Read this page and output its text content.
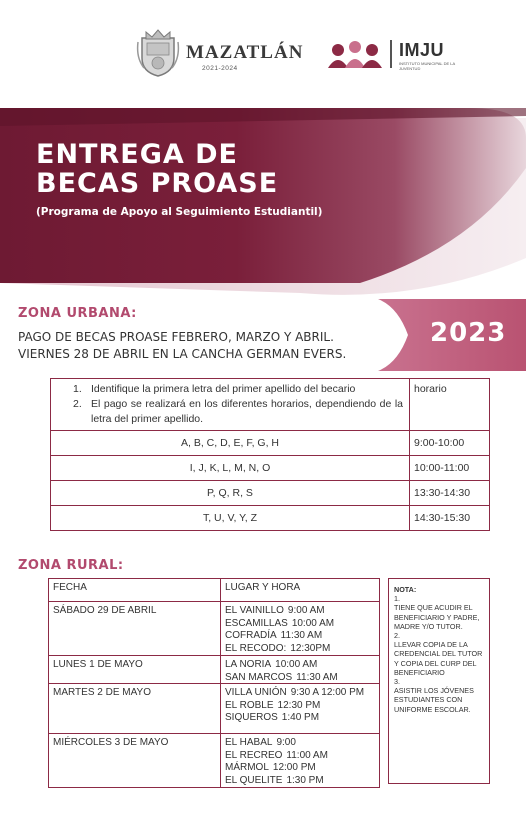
MAZATLÁN
2021-2024
IMJU
INSTITUTO MUNICIPAL DE LA JUVENTUD
ENTREGA DE
BECAS PROASE
(Programa de Apoyo al Seguimiento Estudiantil)
ZONA URBANA:
PAGO DE BECAS PROASE FEBRERO, MARZO Y ABRIL.
VIERNES 28 DE ABRIL EN LA CANCHA GERMAN EVERS.
2023
1. Identifique la primera letra del primer apellido del becario
2. El pago se realizará en los diferentes horarios, dependiendo de la letra del primer apellido.
horario
A, B, C, D, E, F, G, H	9:00-10:00
I, J, K, L, M, N, O	10:00-11:00
P, Q, R, S	13:30-14:30
T, U, V, Y, Z	14:30-15:30
ZONA RURAL:
FECHA	LUGAR Y HORA
SÁBADO 29 DE ABRIL	EL VAINILLO 9:00 AM
ESCAMILLAS 10:00 AM
COFRADÍA 11:30 AM
EL RECODO: 12:30PM
LUNES 1 DE MAYO	LA NORIA 10:00 AM
SAN MARCOS 11:30 AM
MARTES 2 DE MAYO	VILLA UNIÓN 9:30 A 12:00 PM
EL ROBLE 12:30 PM
SIQUEROS 1:40 PM
MIÉRCOLES 3 DE MAYO	EL HABAL 9:00
EL RECREO 11:00 AM
MÁRMOL 12:00 PM
EL QUELITE 1:30 PM
NOTA:
1.
TIENE QUE ACUDIR EL BENEFICIARIO Y PADRE, MADRE Y/O TUTOR.
2.
LLEVAR COPIA DE LA CREDENCIAL DEL TUTOR Y COPIA DEL CURP DEL BENEFICIARIO
3.
ASISTIR LOS JÓVENES ESTUDIANTES CON UNIFORME ESCOLAR.
